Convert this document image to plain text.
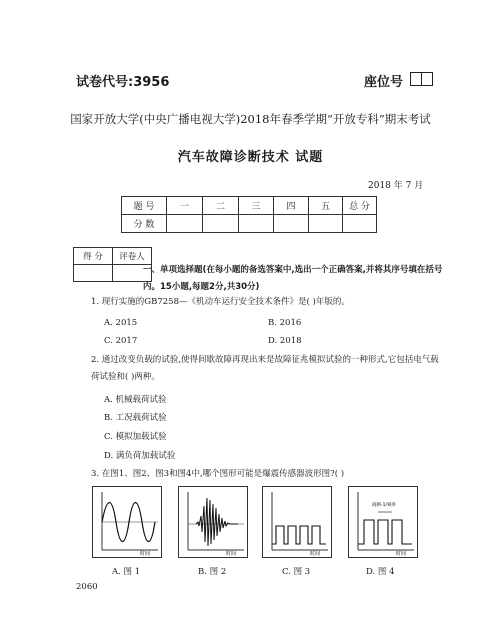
试卷代号:3956	座位号
国家开放大学(中央广播电视大学)2018年春季学期“开放专科”期末考试
汽车故障诊断技术 试题
2018 年 7 月
题 号	一	二	三	四	五	总 分
分 数						
得 分	评卷人

一、单项选择题(在每小题的备选答案中,选出一个正确答案,并将其序号填在括号内。15小题,每题2分,共30分)
1. 现行实施的GB7258—《机动车运行安全技术条件》是( )年版的。
A. 2015	B. 2016
C. 2017	D. 2018
2. 通过改变负载的试验,使得间歇故障再现出来是故障征兆模拟试验的一种形式,它包括电气载荷试验和( )两种。
A. 机械载荷试验
B. 工况载荷试验
C. 模拟加载试验
D. 满负荷加载试验
3. 在图1、图2、图3和图4中,哪个图形可能是爆震传感器波形图?( )
时间	时间	时间
间断-1/频率
时间
A. 图 1	B. 图 2	C. 图 3	D. 图 4
2060
